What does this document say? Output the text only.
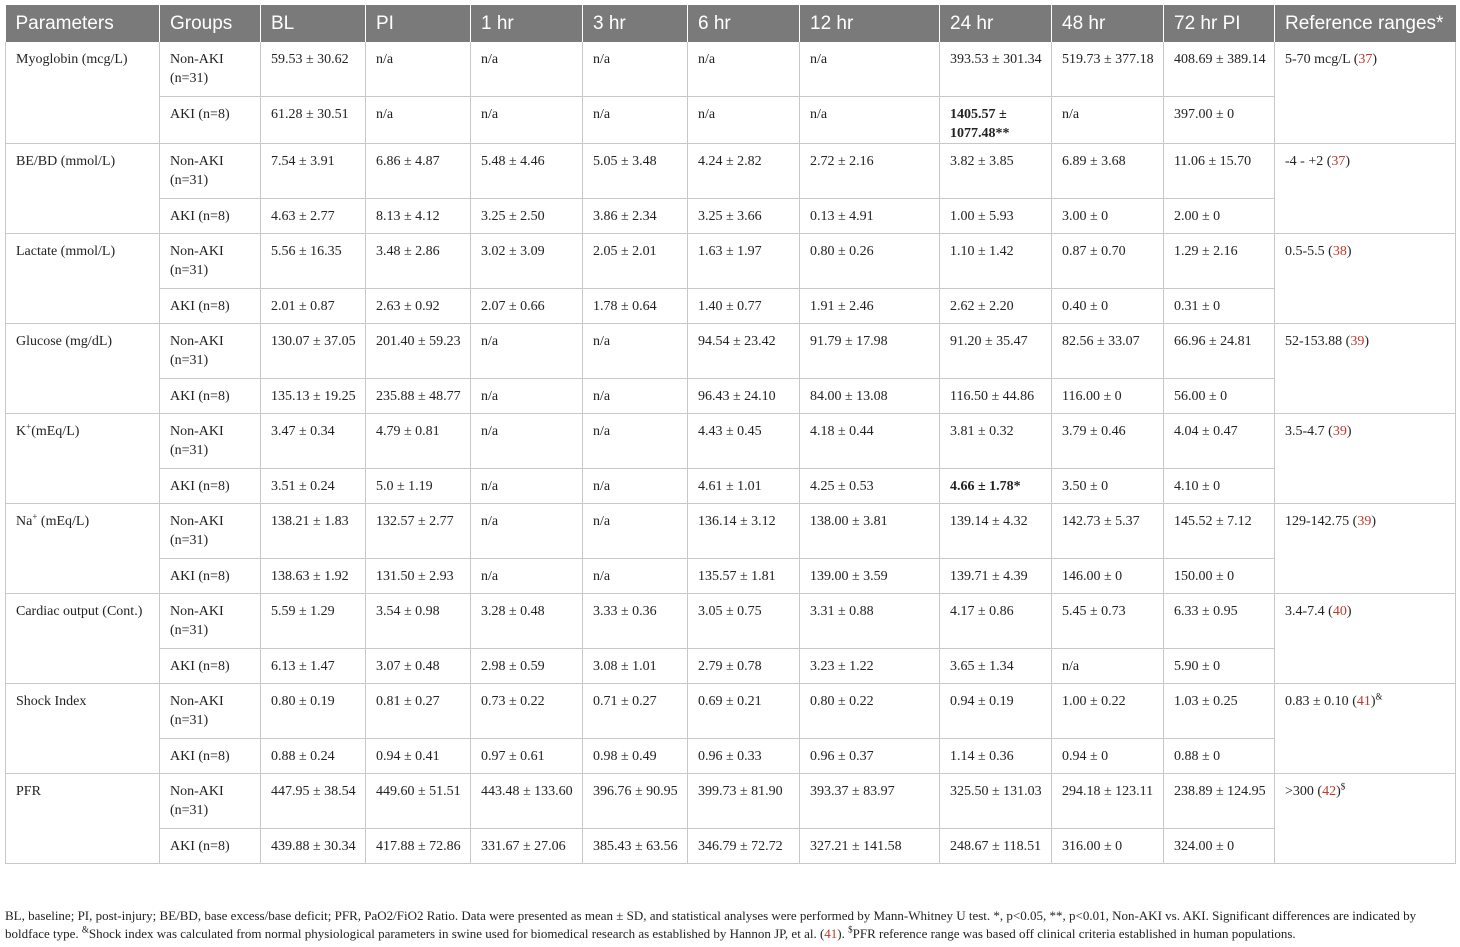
Parameters	Groups	BL	PI	1 hr	3 hr	6 hr	12 hr	24 hr	48 hr	72 hr PI	Reference ranges*
Myoglobin (mcg/L)	Non-AKI (n=31)	59.53 ± 30.62	n/a	n/a	n/a	n/a	n/a	393.53 ± 301.34	519.73 ± 377.18	408.69 ± 389.14	5-70 mcg/L (37)
	AKI (n=8)	61.28 ± 30.51	n/a	n/a	n/a	n/a	n/a	1405.57 ± 1077.48**	n/a	397.00 ± 0	
BE/BD (mmol/L)	Non-AKI (n=31)	7.54 ± 3.91	6.86 ± 4.87	5.48 ± 4.46	5.05 ± 3.48	4.24 ± 2.82	2.72 ± 2.16	3.82 ± 3.85	6.89 ± 3.68	11.06 ± 15.70	-4 - +2 (37)
	AKI (n=8)	4.63 ± 2.77	8.13 ± 4.12	3.25 ± 2.50	3.86 ± 2.34	3.25 ± 3.66	0.13 ± 4.91	1.00 ± 5.93	3.00 ± 0	2.00 ± 0	
Lactate (mmol/L)	Non-AKI (n=31)	5.56 ± 16.35	3.48 ± 2.86	3.02 ± 3.09	2.05 ± 2.01	1.63 ± 1.97	0.80 ± 0.26	1.10 ± 1.42	0.87 ± 0.70	1.29 ± 2.16	0.5-5.5 (38)
	AKI (n=8)	2.01 ± 0.87	2.63 ± 0.92	2.07 ± 0.66	1.78 ± 0.64	1.40 ± 0.77	1.91 ± 2.46	2.62 ± 2.20	0.40 ± 0	0.31 ± 0	
Glucose (mg/dL)	Non-AKI (n=31)	130.07 ± 37.05	201.40 ± 59.23	n/a	n/a	94.54 ± 23.42	91.79 ± 17.98	91.20 ± 35.47	82.56 ± 33.07	66.96 ± 24.81	52-153.88 (39)
	AKI (n=8)	135.13 ± 19.25	235.88 ± 48.77	n/a	n/a	96.43 ± 24.10	84.00 ± 13.08	116.50 ± 44.86	116.00 ± 0	56.00 ± 0	
K+(mEq/L)	Non-AKI (n=31)	3.47 ± 0.34	4.79 ± 0.81	n/a	n/a	4.43 ± 0.45	4.18 ± 0.44	3.81 ± 0.32	3.79 ± 0.46	4.04 ± 0.47	3.5-4.7 (39)
	AKI (n=8)	3.51 ± 0.24	5.0 ± 1.19	n/a	n/a	4.61 ± 1.01	4.25 ± 0.53	4.66 ± 1.78*	3.50 ± 0	4.10 ± 0	
Na+ (mEq/L)	Non-AKI (n=31)	138.21 ± 1.83	132.57 ± 2.77	n/a	n/a	136.14 ± 3.12	138.00 ± 3.81	139.14 ± 4.32	142.73 ± 5.37	145.52 ± 7.12	129-142.75 (39)
	AKI (n=8)	138.63 ± 1.92	131.50 ± 2.93	n/a	n/a	135.57 ± 1.81	139.00 ± 3.59	139.71 ± 4.39	146.00 ± 0	150.00 ± 0	
Cardiac output (Cont.)	Non-AKI (n=31)	5.59 ± 1.29	3.54 ± 0.98	3.28 ± 0.48	3.33 ± 0.36	3.05 ± 0.75	3.31 ± 0.88	4.17 ± 0.86	5.45 ± 0.73	6.33 ± 0.95	3.4-7.4 (40)
	AKI (n=8)	6.13 ± 1.47	3.07 ± 0.48	2.98 ± 0.59	3.08 ± 1.01	2.79 ± 0.78	3.23 ± 1.22	3.65 ± 1.34	n/a	5.90 ± 0	
Shock Index	Non-AKI (n=31)	0.80 ± 0.19	0.81 ± 0.27	0.73 ± 0.22	0.71 ± 0.27	0.69 ± 0.21	0.80 ± 0.22	0.94 ± 0.19	1.00 ± 0.22	1.03 ± 0.25	0.83 ± 0.10 (41)&
	AKI (n=8)	0.88 ± 0.24	0.94 ± 0.41	0.97 ± 0.61	0.98 ± 0.49	0.96 ± 0.33	0.96 ± 0.37	1.14 ± 0.36	0.94 ± 0	0.88 ± 0	
PFR	Non-AKI (n=31)	447.95 ± 38.54	449.60 ± 51.51	443.48 ± 133.60	396.76 ± 90.95	399.73 ± 81.90	393.37 ± 83.97	325.50 ± 131.03	294.18 ± 123.11	238.89 ± 124.95	>300 (42)$
	AKI (n=8)	439.88 ± 30.34	417.88 ± 72.86	331.67 ± 27.06	385.43 ± 63.56	346.79 ± 72.72	327.21 ± 141.58	248.67 ± 118.51	316.00 ± 0	324.00 ± 0	
BL, baseline; PI, post-injury; BE/BD, base excess/base deficit; PFR, PaO2/FiO2 Ratio. Data were presented as mean ± SD, and statistical analyses were performed by Mann-Whitney U test. *, p<0.05, **, p<0.01, Non-AKI vs. AKI. Significant differences are indicated by boldface type. &Shock index was calculated from normal physiological parameters in swine used for biomedical research as established by Hannon JP, et al. (41). $PFR reference range was based off clinical criteria established in human populations.
